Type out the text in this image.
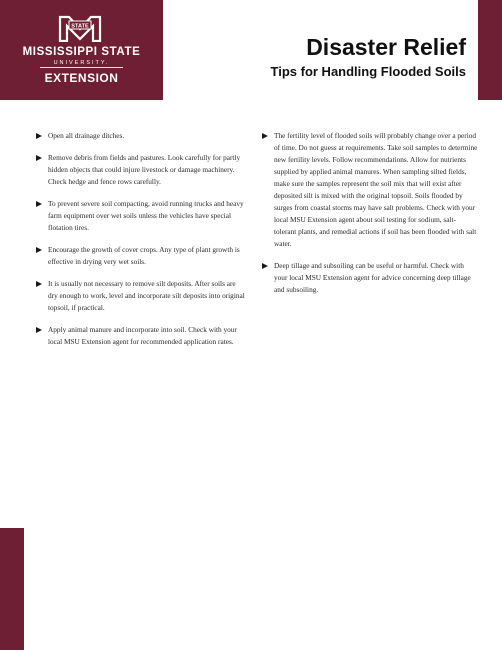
STATE
MISSISSIPPI STATE
UNIVERSITY.
EXTENSION
Disaster Relief
Tips for Handling Flooded Soils
Open all drainage ditches.
Remove debris from fields and pastures. Look carefully for partly hidden objects that could injure livestock or damage machinery. Check hedge and fence rows carefully.
To prevent severe soil compacting, avoid running trucks and heavy farm equipment over wet soils unless the vehicles have special flotation tires.
Encourage the growth of cover crops. Any type of plant growth is effective in drying very wet soils.
It is usually not necessary to remove silt deposits. After soils are dry enough to work, level and incorporate silt deposits into original topsoil, if practical.
Apply animal manure and incorporate into soil. Check with your local MSU Extension agent for recommended application rates.
The fertility level of flooded soils will probably change over a period of time. Do not guess at requirements. Take soil samples to determine new fertility levels. Follow recommendations. Allow for nutrients supplied by applied animal manures. When sampling silted fields, make sure the samples represent the soil mix that will exist after deposited silt is mixed with the original topsoil. Soils flooded by surges from coastal storms may have salt problems. Check with your local MSU Extension agent about soil testing for sodium, salt-tolerant plants, and remedial actions if soil has been flooded with salt water.
Deep tillage and subsoiling can be useful or harmful. Check with your local MSU Extension agent for advice concerning deep tillage and subsoiling.
